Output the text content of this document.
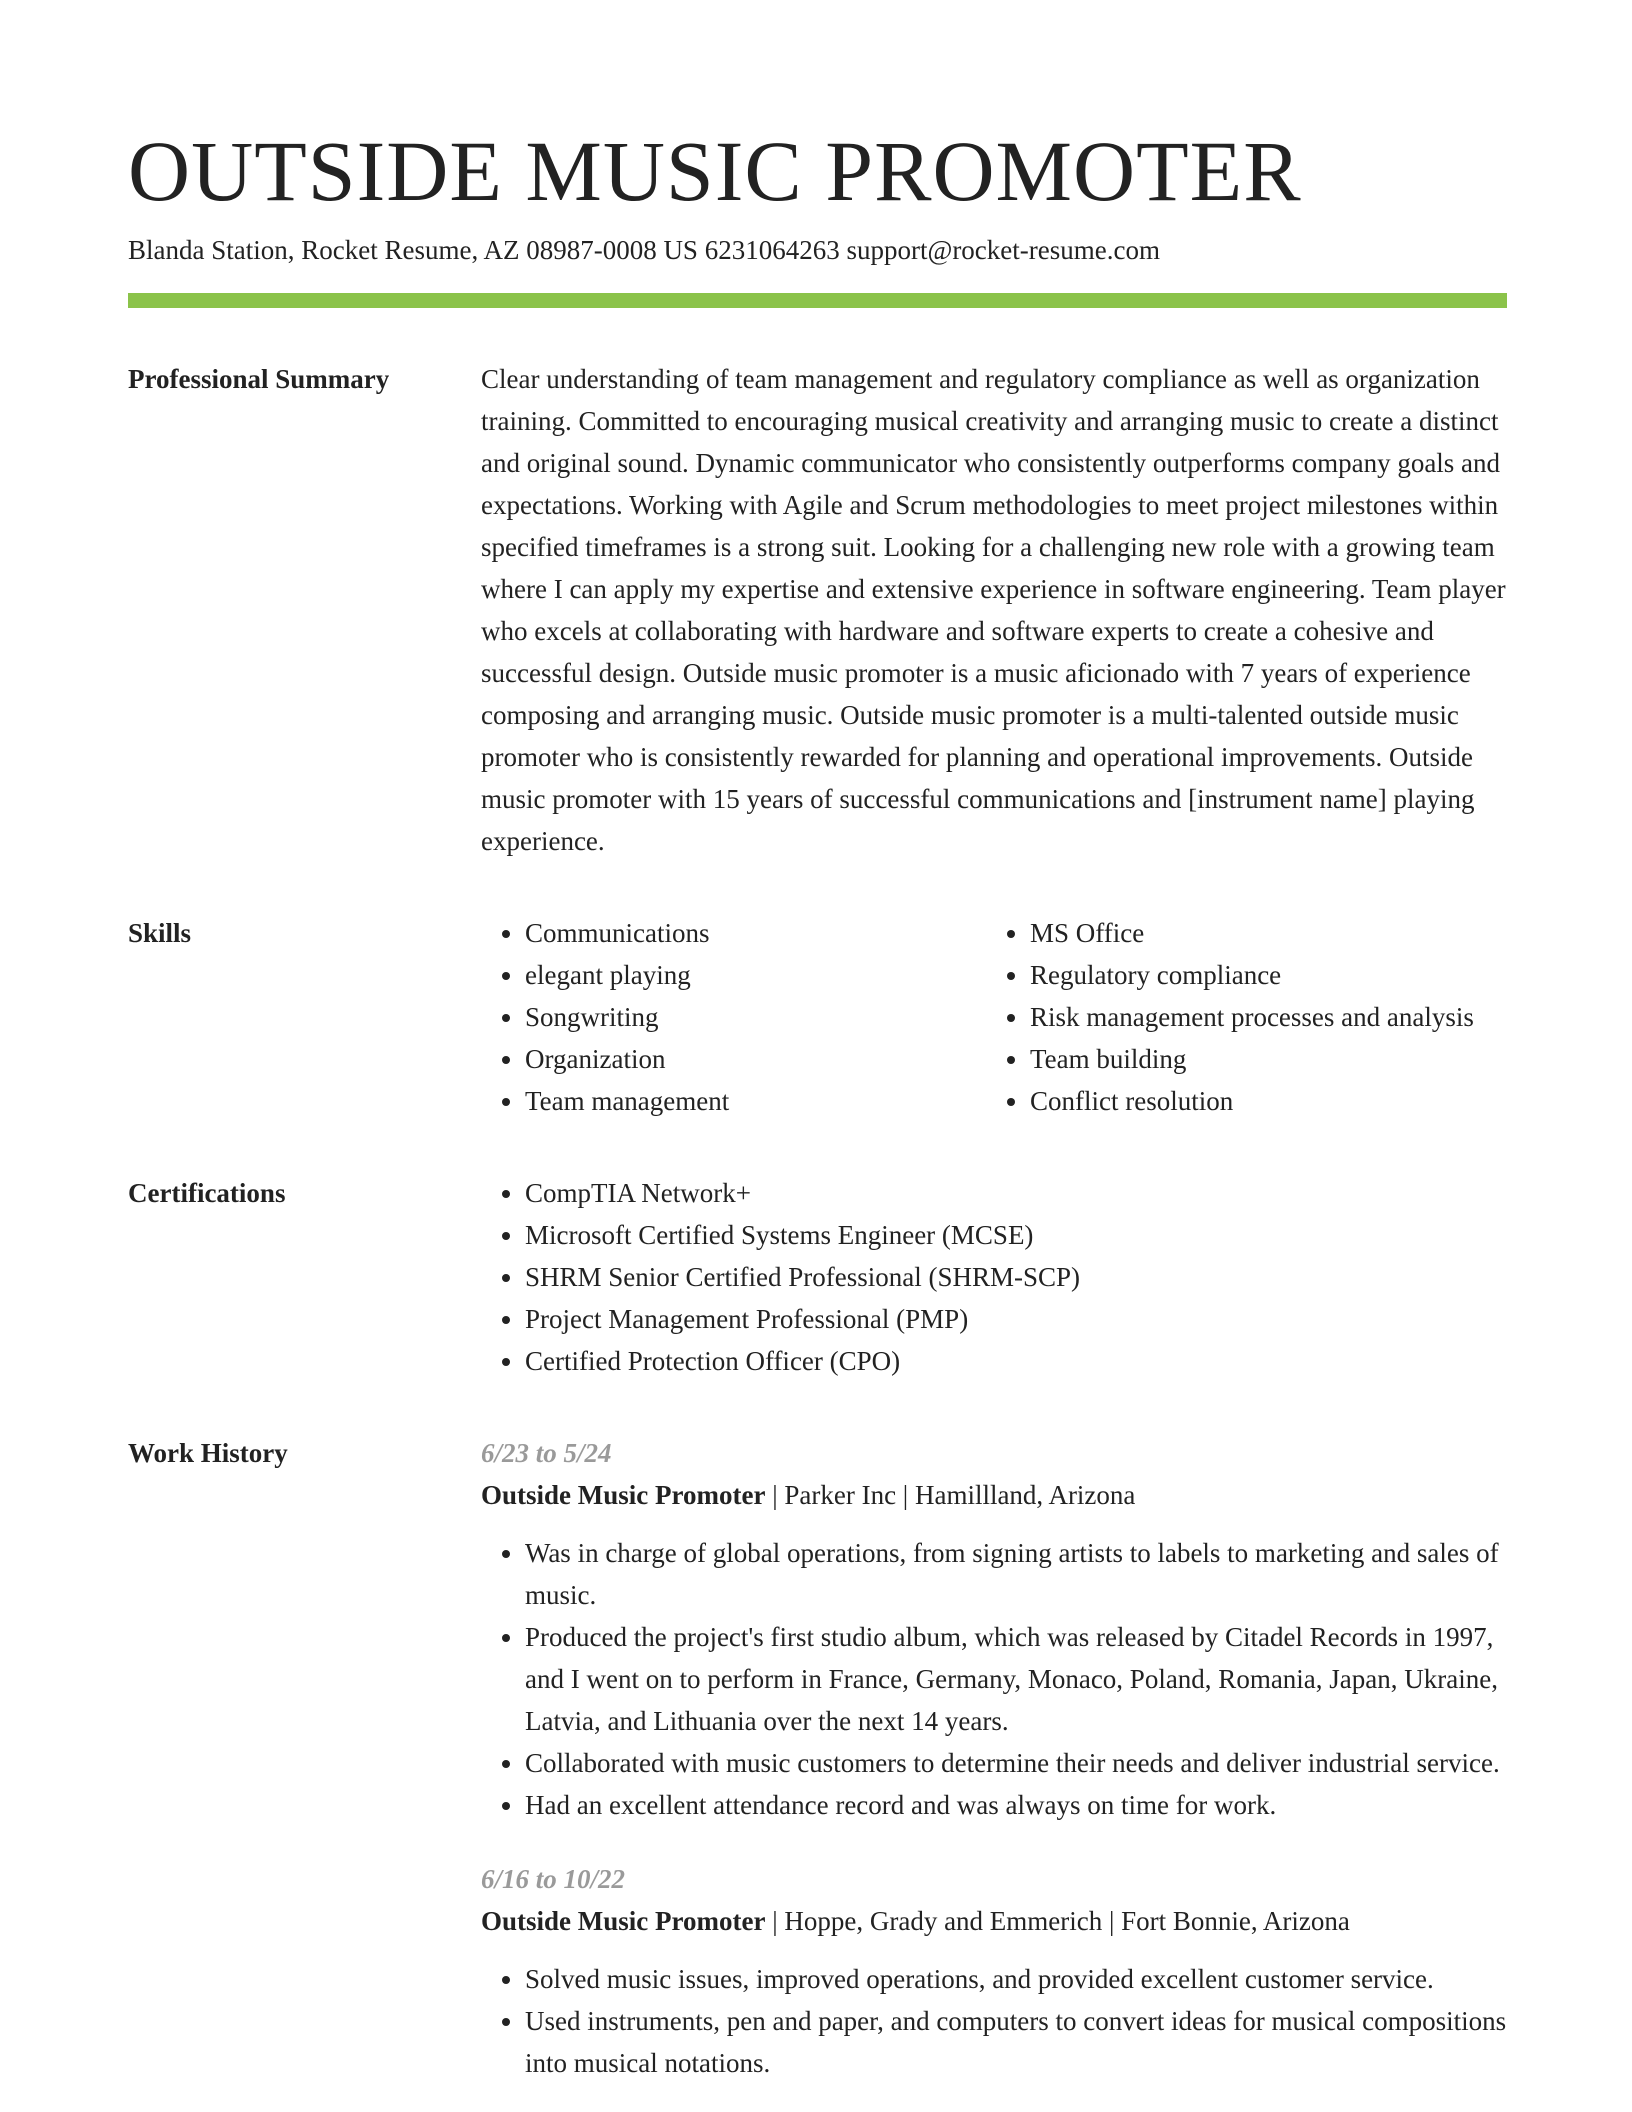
OUTSIDE MUSIC PROMOTER
Blanda Station, Rocket Resume, AZ 08987-0008 US 6231064263 support@rocket-resume.com
Professional Summary	Clear understanding of team management and regulatory compliance as well as organization training. Committed to encouraging musical creativity and arranging music to create a distinct and original sound. Dynamic communicator who consistently outperforms company goals and expectations. Working with Agile and Scrum methodologies to meet project milestones within specified timeframes is a strong suit. Looking for a challenging new role with a growing team where I can apply my expertise and extensive experience in software engineering. Team player who excels at collaborating with hardware and software experts to create a cohesive and successful design. Outside music promoter is a music aficionado with 7 years of experience composing and arranging music. Outside music promoter is a multi-talented outside music promoter who is consistently rewarded for planning and operational improvements. Outside music promoter with 15 years of successful communications and [instrument name] playing experience.

Skills	• Communications
• elegant playing
• Songwriting
• Organization
• Team management
• MS Office
• Regulatory compliance
• Risk management processes and analysis
• Team building
• Conflict resolution
Certifications	• CompTIA Network+
• Microsoft Certified Systems Engineer (MCSE)
• SHRM Senior Certified Professional (SHRM-SCP)
• Project Management Professional (PMP)
• Certified Protection Officer (CPO)
Work History	6/23 to 5/24
Outside Music Promoter | Parker Inc | Hamillland, Arizona
• Was in charge of global operations, from signing artists to labels to marketing and sales of music.
• Produced the project's first studio album, which was released by Citadel Records in 1997, and I went on to perform in France, Germany, Monaco, Poland, Romania, Japan, Ukraine, Latvia, and Lithuania over the next 14 years.
• Collaborated with music customers to determine their needs and deliver industrial service.
• Had an excellent attendance record and was always on time for work.
6/16 to 10/22
Outside Music Promoter | Hoppe, Grady and Emmerich | Fort Bonnie, Arizona
• Solved music issues, improved operations, and provided excellent customer service.
• Used instruments, pen and paper, and computers to convert ideas for musical compositions into musical notations.
